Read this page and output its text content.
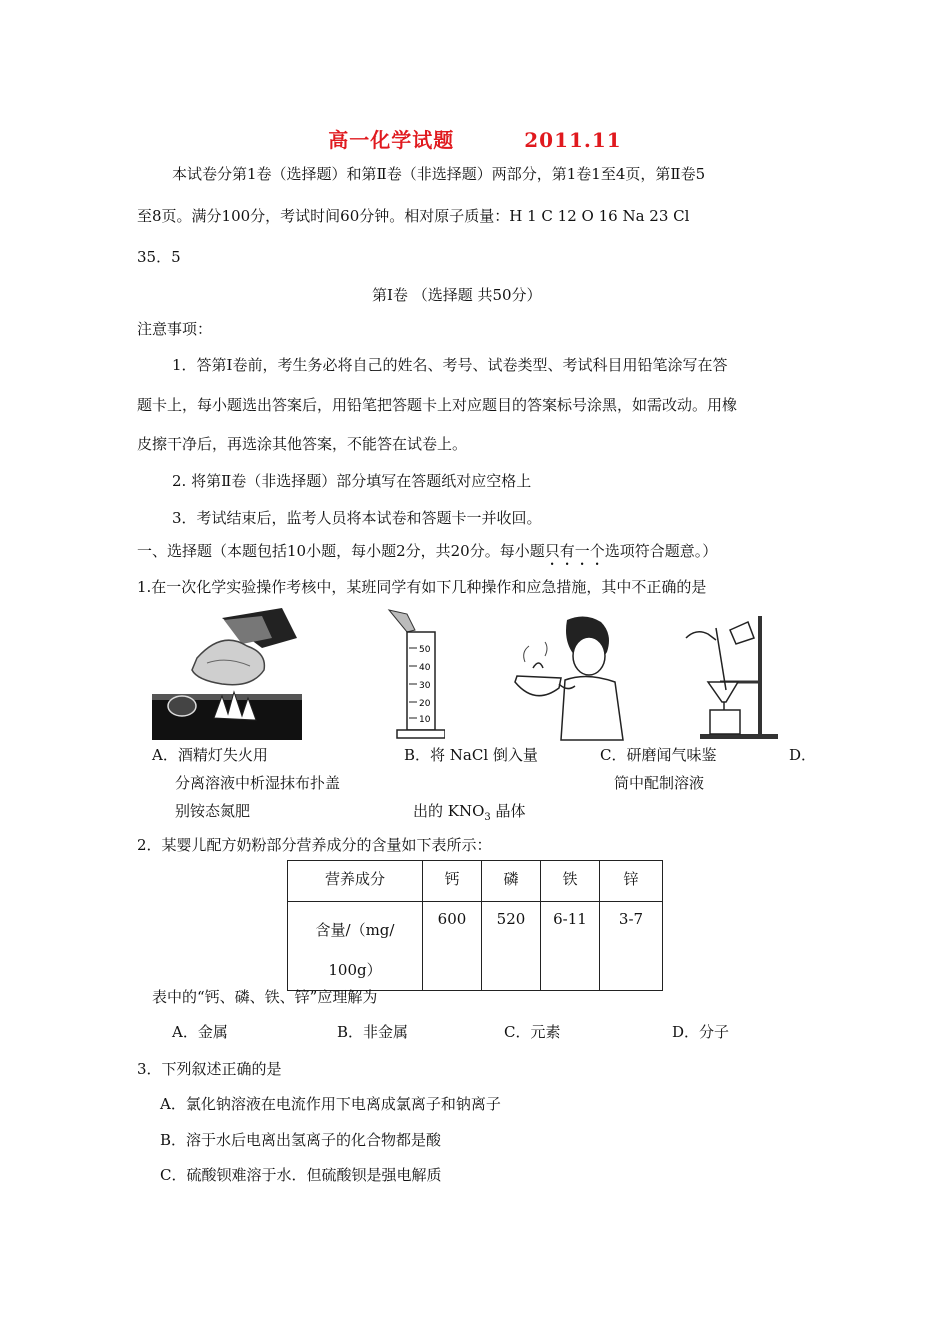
高一化学试题	2011.11
本试卷分第1卷（选择题）和第Ⅱ卷（非选择题）两部分，第1卷1至4页，第Ⅱ卷5
至8页。满分100分，考试时间60分钟。相对原子质量：H 1 C 12 O 16 Na 23 Cl
35．5
第Ⅰ卷 （选择题 共50分）
注意事项：
1．答第Ⅰ卷前，考生务必将自己的姓名、考号、试卷类型、考试科目用铅笔涂写在答
题卡上，每小题选出答案后，用铅笔把答题卡上对应题目的答案标号涂黑，如需改动。用橡
皮擦干净后，再选涂其他答案，不能答在试卷上。
2. 将第Ⅱ卷（非选择题）部分填写在答题纸对应空格上
3．考试结束后，监考人员将本试卷和答题卡一并收回。
一、选择题（本题包括10小题，每小题2分，共20分。每小题只有一个选项符合题意。）
1.在一次化学实验操作考核中，某班同学有如下几种操作和应急措施，其中不正确的是
50
40
30
20
10
A．酒精灯失火用	B．将 NaCl 倒入量	C．研磨闻气味鉴	D．
分离溶液中析湿抹布扑盖	筒中配制溶液
别铵态氮肥	出的 $KNO_3$ 晶体
2．某婴儿配方奶粉部分营养成分的含量如下表所示：
营养成分	钙	磷	铁	锌

含量/（mg/
100g）	600	520	6-11	3-7
表中的“钙、磷、铁、锌”应理解为
A．金属	B．非金属	C．元素	D．分子
3．下列叙述正确的是
A．氯化钠溶液在电流作用下电离成氯离子和钠离子
B．溶于水后电离出氢离子的化合物都是酸
C．硫酸钡难溶于水．但硫酸钡是强电解质
